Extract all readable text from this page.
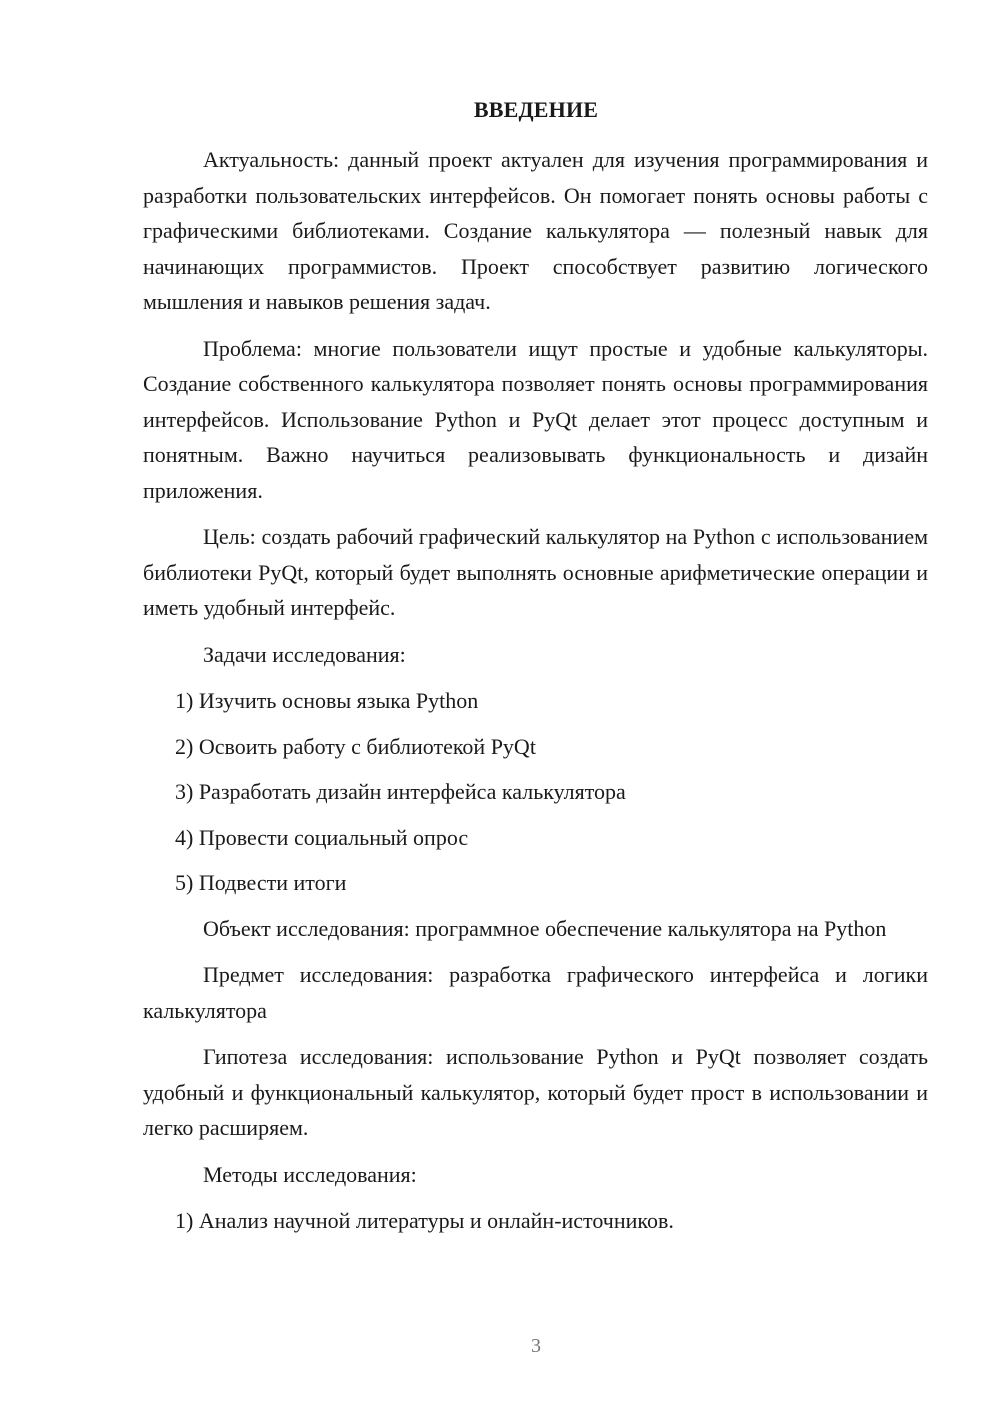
ВВЕДЕНИЕ

Актуальность: данный проект актуален для изучения программирования и разработки пользовательских интерфейсов. Он помогает понять основы работы с графическими библиотеками. Создание калькулятора — полезный навык для начинающих программистов. Проект способствует развитию логического мышления и навыков решения задач.

Проблема: многие пользователи ищут простые и удобные калькуляторы. Создание собственного калькулятора позволяет понять основы программирования интерфейсов. Использование Python и PyQt делает этот процесс доступным и понятным. Важно научиться реализовывать функциональность и дизайн приложения.

Цель: создать рабочий графический калькулятор на Python с использованием библиотеки PyQt, который будет выполнять основные арифметические операции и иметь удобный интерфейс.

Задачи исследования:

1) Изучить основы языка Python
2) Освоить работу с библиотекой PyQt
3) Разработать дизайн интерфейса калькулятора
4) Провести социальный опрос
5) Подвести итоги

Объект исследования: программное обеспечение калькулятора на Python

Предмет исследования: разработка графического интерфейса и логики калькулятора

Гипотеза исследования: использование Python и PyQt позволяет создать удобный и функциональный калькулятор, который будет прост в использовании и легко расширяем.

Методы исследования:

1) Анализ научной литературы и онлайн-источников.
3
